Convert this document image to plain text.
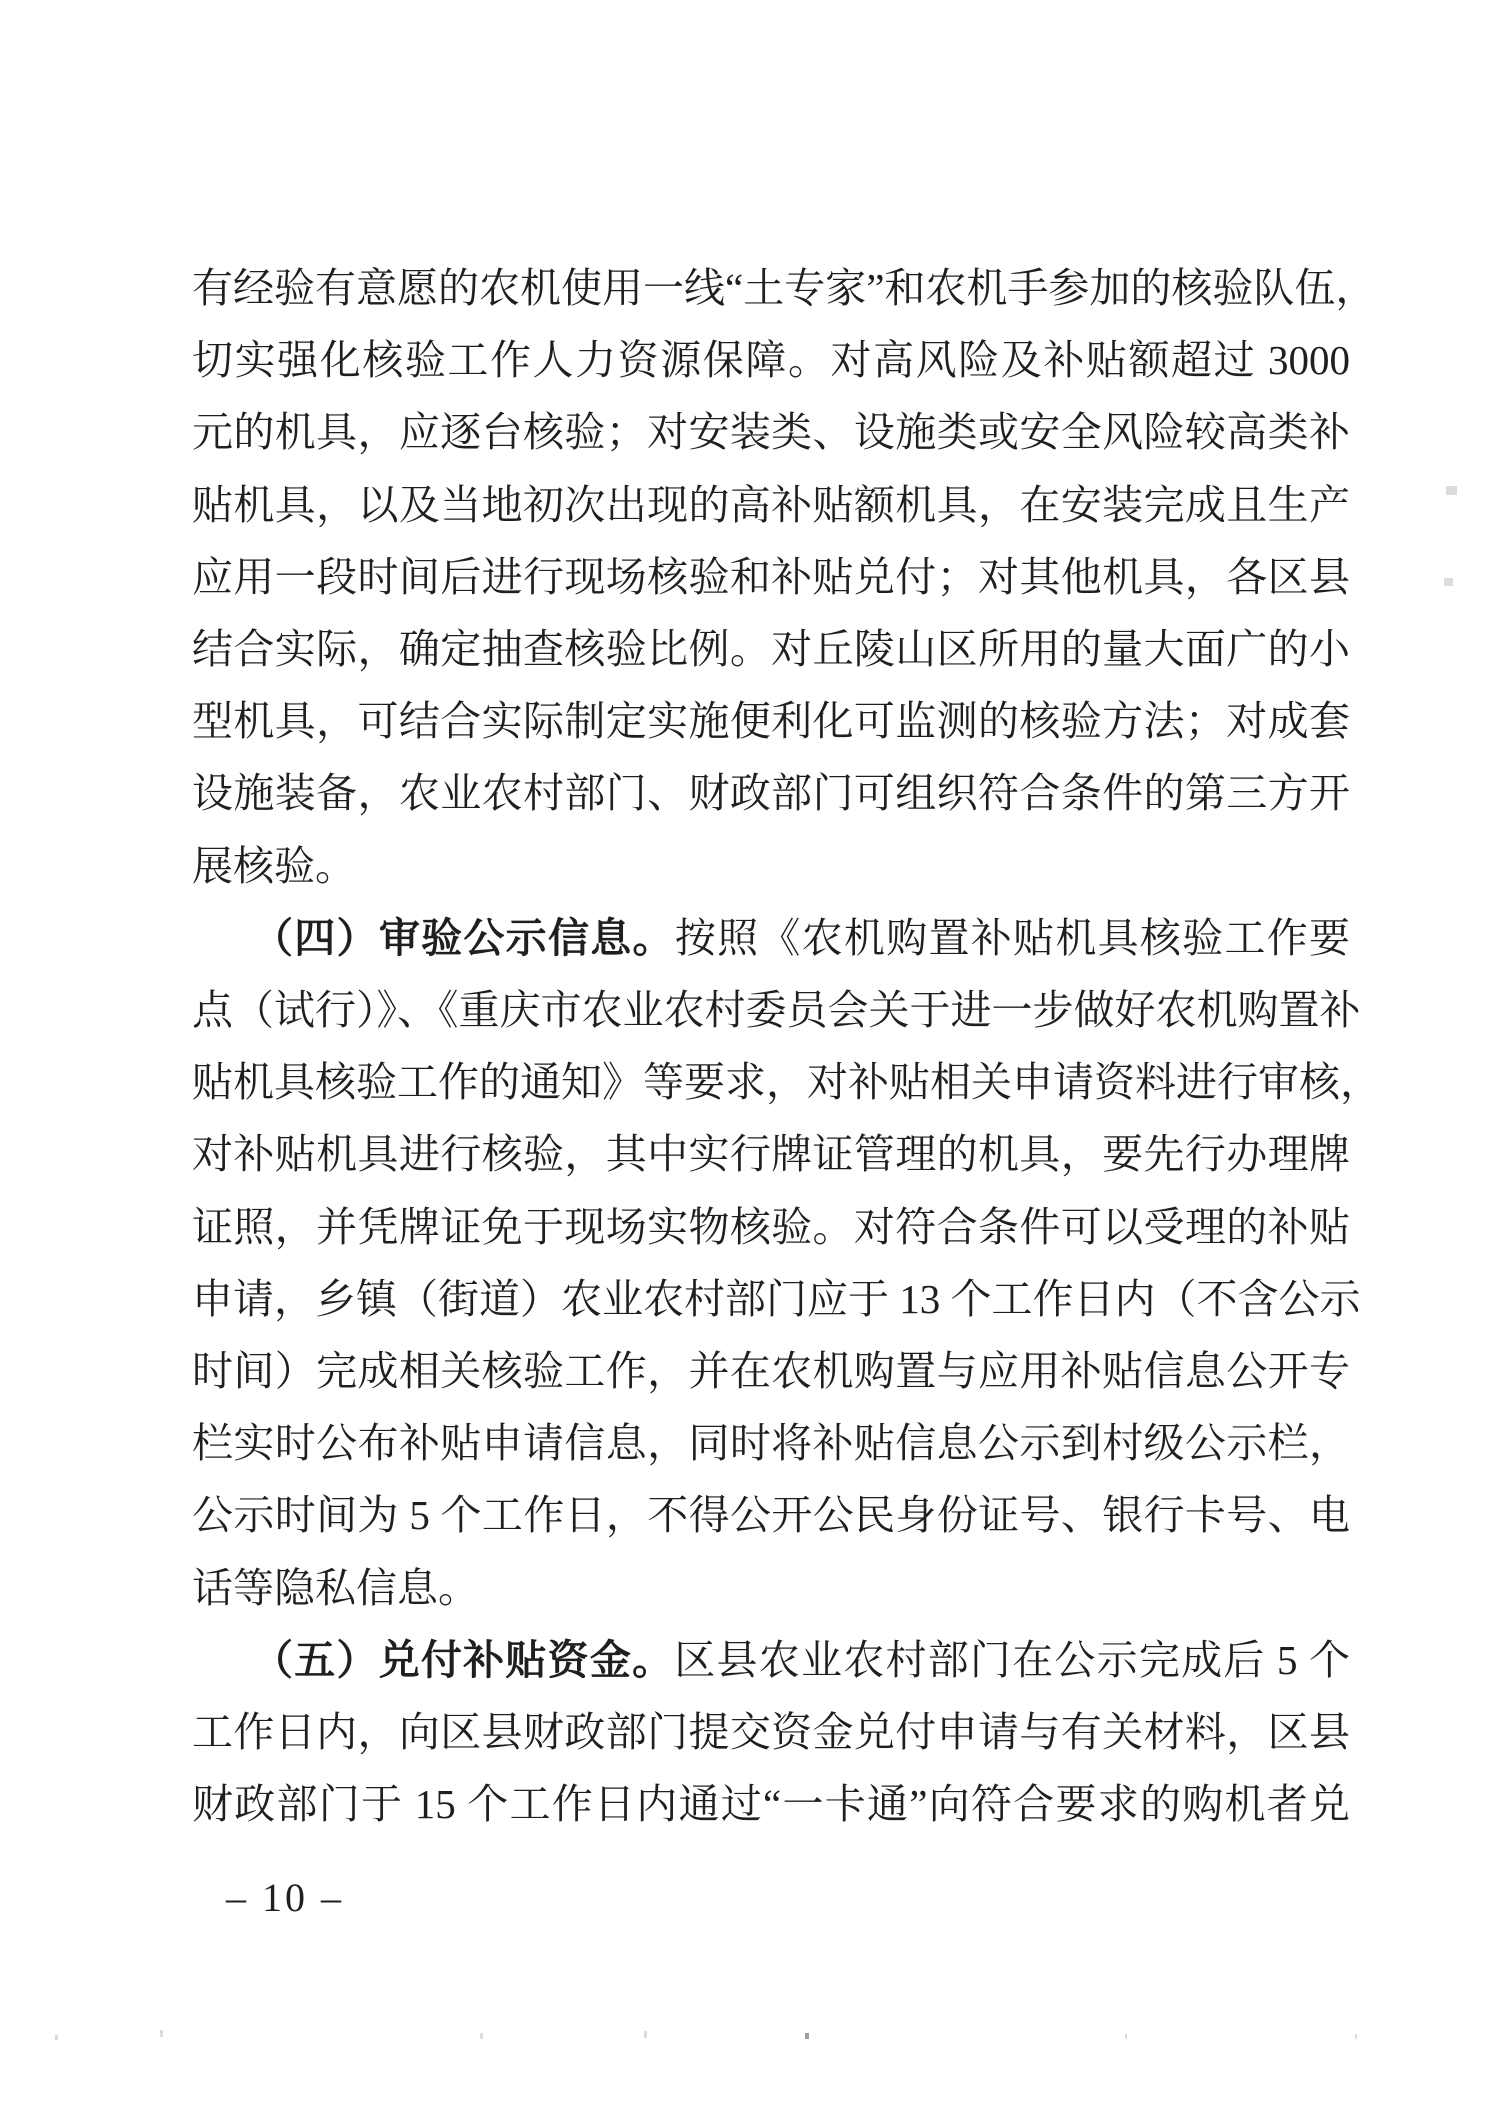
有经验有意愿的农机使用一线“土专家”和农机手参加的核验队伍，
切实强化核验工作人力资源保障。对高风险及补贴额超过 3000
元的机具，应逐台核验；对安装类、设施类或安全风险较高类补
贴机具，以及当地初次出现的高补贴额机具，在安装完成且生产
应用一段时间后进行现场核验和补贴兑付；对其他机具，各区县
结合实际，确定抽查核验比例。对丘陵山区所用的量大面广的小
型机具，可结合实际制定实施便利化可监测的核验方法；对成套
设施装备，农业农村部门、财政部门可组织符合条件的第三方开
展核验。
（四）审验公示信息。按照《农机购置补贴机具核验工作要
点（试行）》、《重庆市农业农村委员会关于进一步做好农机购置补
贴机具核验工作的通知》等要求，对补贴相关申请资料进行审核，
对补贴机具进行核验，其中实行牌证管理的机具，要先行办理牌
证照，并凭牌证免于现场实物核验。对符合条件可以受理的补贴
申请，乡镇（街道）农业农村部门应于 13 个工作日内（不含公示
时间）完成相关核验工作，并在农机购置与应用补贴信息公开专
栏实时公布补贴申请信息，同时将补贴信息公示到村级公示栏，
公示时间为 5 个工作日，不得公开公民身份证号、银行卡号、电
话等隐私信息。
（五）兑付补贴资金。区县农业农村部门在公示完成后 5 个
工作日内，向区县财政部门提交资金兑付申请与有关材料，区县
财政部门于 15 个工作日内通过“一卡通”向符合要求的购机者兑
– 10 –
